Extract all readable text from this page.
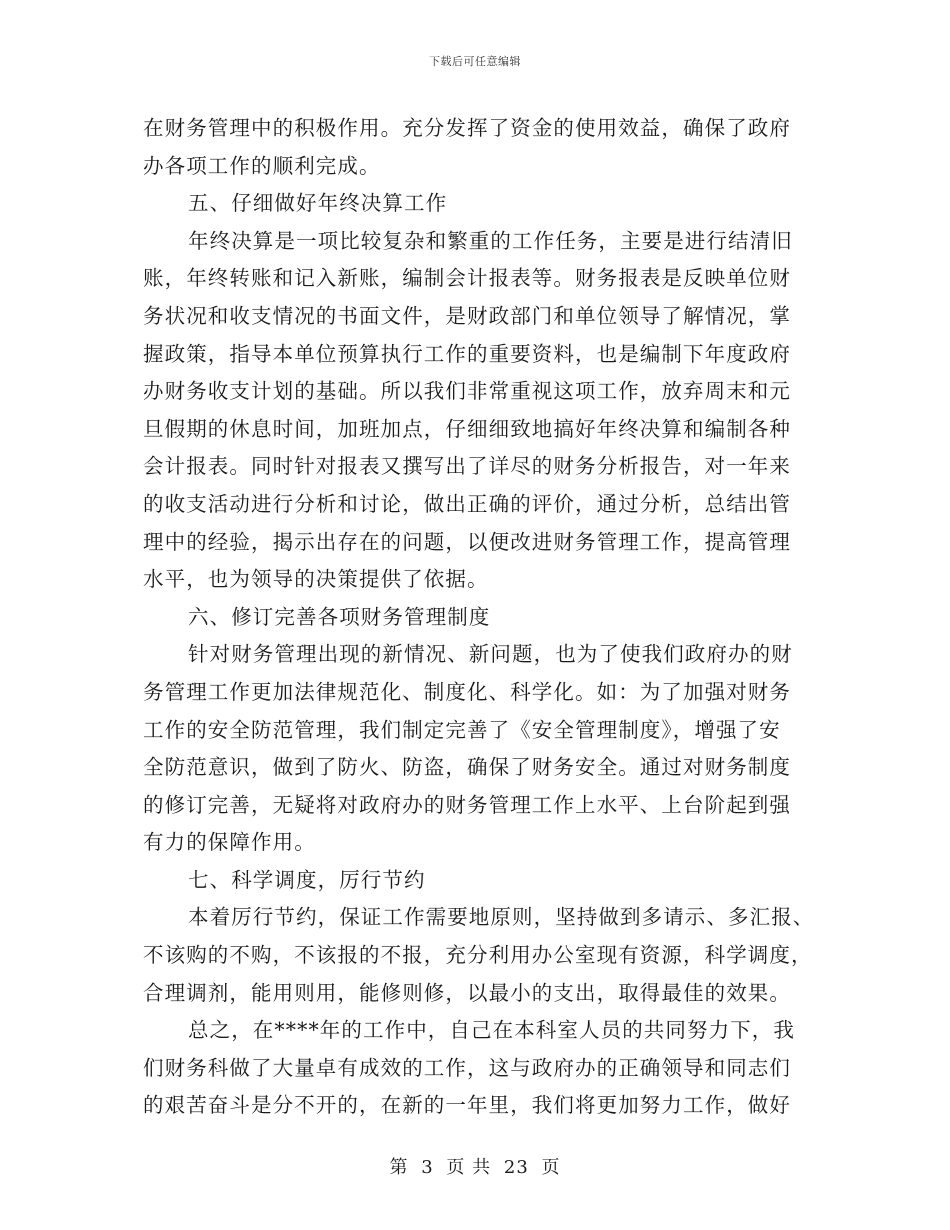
下载后可任意编辑
在财务管理中的积极作用。充分发挥了资金的使用效益，确保了政府
办各项工作的顺利完成。
五、仔细做好年终决算工作
年终决算是一项比较复杂和繁重的工作任务，主要是进行结清旧
账，年终转账和记入新账，编制会计报表等。财务报表是反映单位财
务状况和收支情况的书面文件，是财政部门和单位领导了解情况，掌
握政策，指导本单位预算执行工作的重要资料，也是编制下年度政府
办财务收支计划的基础。所以我们非常重视这项工作，放弃周末和元
旦假期的休息时间，加班加点，仔细细致地搞好年终决算和编制各种
会计报表。同时针对报表又撰写出了详尽的财务分析报告，对一年来
的收支活动进行分析和讨论，做出正确的评价，通过分析，总结出管
理中的经验，揭示出存在的问题，以便改进财务管理工作，提高管理
水平，也为领导的决策提供了依据。
六、修订完善各项财务管理制度
针对财务管理出现的新情况、新问题，也为了使我们政府办的财
务管理工作更加法律规范化、制度化、科学化。如：为了加强对财务
工作的安全防范管理，我们制定完善了《安全管理制度》，增强了安
全防范意识，做到了防火、防盗，确保了财务安全。通过对财务制度
的修订完善，无疑将对政府办的财务管理工作上水平、上台阶起到强
有力的保障作用。
七、科学调度，厉行节约
本着厉行节约，保证工作需要地原则，坚持做到多请示、多汇报、
不该购的不购，不该报的不报，充分利用办公室现有资源，科学调度，
合理调剂，能用则用，能修则修，以最小的支出，取得最佳的效果。
总之，在****年的工作中，自己在本科室人员的共同努力下，我
们财务科做了大量卓有成效的工作，这与政府办的正确领导和同志们
的艰苦奋斗是分不开的，在新的一年里，我们将更加努力工作，做好
第 3 页 共 23 页
